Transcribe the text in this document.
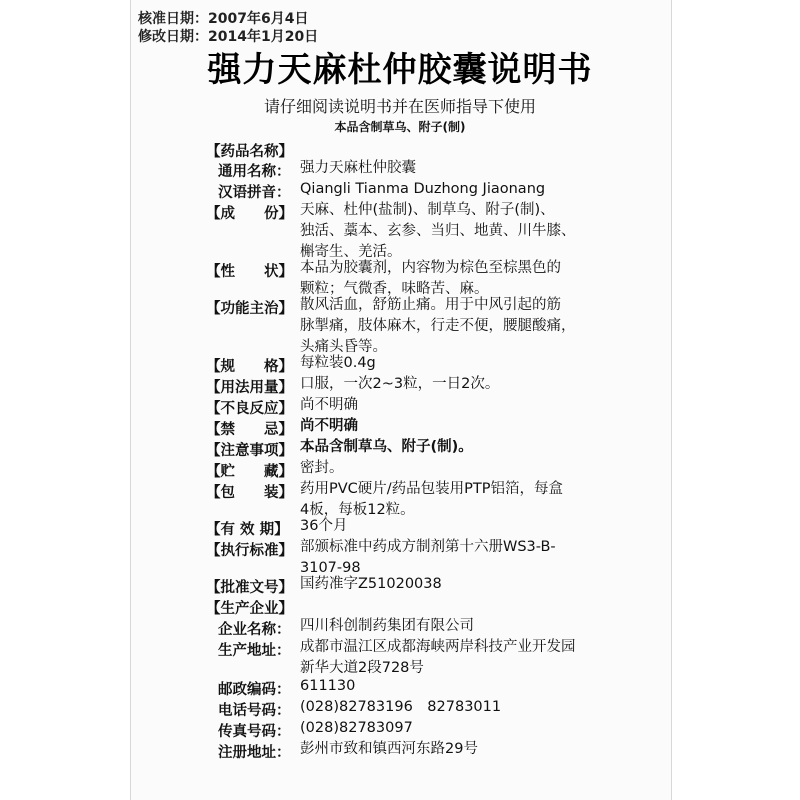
核准日期：2007年6月4日
修改日期：2014年1月20日
强力天麻杜仲胶囊说明书
请仔细阅读说明书并在医师指导下使用
本品含制草乌、附子(制)
【药品名称】
通用名称： 强力天麻杜仲胶囊
汉语拼音： Qiangli Tianma Duzhong Jiaonang
【成　　份】 天麻、杜仲(盐制)、制草乌、附子(制)、
独活、藁本、玄参、当归、地黄、川牛膝、
槲寄生、羌活。
【性　　状】 本品为胶囊剂，内容物为棕色至棕黑色的
颗粒；气微香，味略苦、麻。
【功能主治】 散风活血，舒筋止痛。用于中风引起的筋
脉掣痛，肢体麻木，行走不便，腰腿酸痛，
头痛头昏等。
【规　　格】 每粒装0.4g
【用法用量】 口服，一次2~3粒，一日2次。
【不良反应】 尚不明确
【禁　　忌】 尚不明确
【注意事项】 本品含制草乌、附子(制)。
【贮　　藏】 密封。
【包　　装】 药用PVC硬片/药品包装用PTP铝箔，每盒
4板，每板12粒。
【有 效 期】 36个月
【执行标准】 部颁标准中药成方制剂第十六册WS3-B-
3107-98
【批准文号】 国药准字Z51020038
【生产企业】
企业名称： 四川科创制药集团有限公司
生产地址： 成都市温江区成都海峡两岸科技产业开发园
新华大道2段728号
邮政编码： 611130
电话号码： (028)82783196　82783011
传真号码： (028)82783097
注册地址： 彭州市致和镇西河东路29号
